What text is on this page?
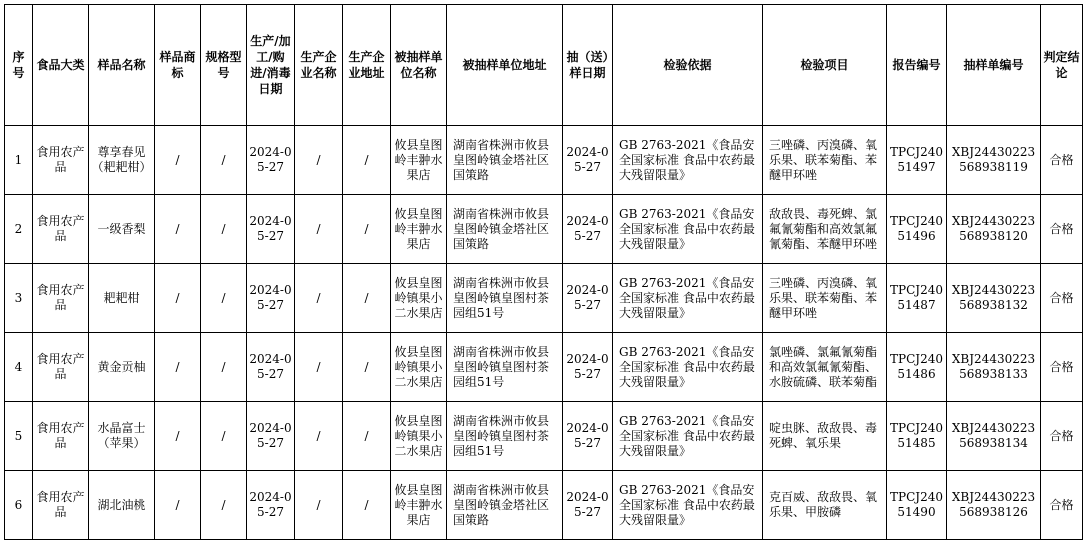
序号	食品大类	样品名称	样品商标	规格型号	生产/加工/购进/消毒日期	生产企业名称	生产企业地址	被抽样单位名称	被抽样单位地址	抽（送）样日期	检验依据	检验项目	报告编号	抽样单编号	判定结论
1	食用农产品	尊享春见（耙耙柑）	/	/	2024-05-27	/	/	攸县皇图岭丰翀水果店	湖南省株洲市攸县皇图岭镇金塔社区国策路	2024-05-27	GB 2763-2021《食品安全国家标准 食品中农药最大残留限量》	三唑磷、丙溴磷、氧乐果、联苯菊酯、苯醚甲环唑	TPCJ24051497	XBJ24430223568938119	合格
2	食用农产品	一级香梨	/	/	2024-05-27	/	/	攸县皇图岭丰翀水果店	湖南省株洲市攸县皇图岭镇金塔社区国策路	2024-05-27	GB 2763-2021《食品安全国家标准 食品中农药最大残留限量》	敌敌畏、毒死蜱、氯氟氰菊酯和高效氯氟氰菊酯、苯醚甲环唑	TPCJ24051496	XBJ24430223568938120	合格
3	食用农产品	耙耙柑	/	/	2024-05-27	/	/	攸县皇图岭镇果小二水果店	湖南省株洲市攸县皇图岭镇皇图村茶园组51号	2024-05-27	GB 2763-2021《食品安全国家标准 食品中农药最大残留限量》	三唑磷、丙溴磷、氧乐果、联苯菊酯、苯醚甲环唑	TPCJ24051487	XBJ24430223568938132	合格
4	食用农产品	黄金贡柚	/	/	2024-05-27	/	/	攸县皇图岭镇果小二水果店	湖南省株洲市攸县皇图岭镇皇图村茶园组51号	2024-05-27	GB 2763-2021《食品安全国家标准 食品中农药最大残留限量》	氯唑磷、氯氟氰菊酯和高效氯氟氰菊酯、水胺硫磷、联苯菊酯	TPCJ24051486	XBJ24430223568938133	合格
5	食用农产品	水晶富士（苹果）	/	/	2024-05-27	/	/	攸县皇图岭镇果小二水果店	湖南省株洲市攸县皇图岭镇皇图村茶园组51号	2024-05-27	GB 2763-2021《食品安全国家标准 食品中农药最大残留限量》	啶虫脒、敌敌畏、毒死蜱、氧乐果	TPCJ24051485	XBJ24430223568938134	合格
6	食用农产品	湖北油桃	/	/	2024-05-27	/	/	攸县皇图岭丰翀水果店	湖南省株洲市攸县皇图岭镇金塔社区国策路	2024-05-27	GB 2763-2021《食品安全国家标准 食品中农药最大残留限量》	克百威、敌敌畏、氧乐果、甲胺磷	TPCJ24051490	XBJ24430223568938126	合格
